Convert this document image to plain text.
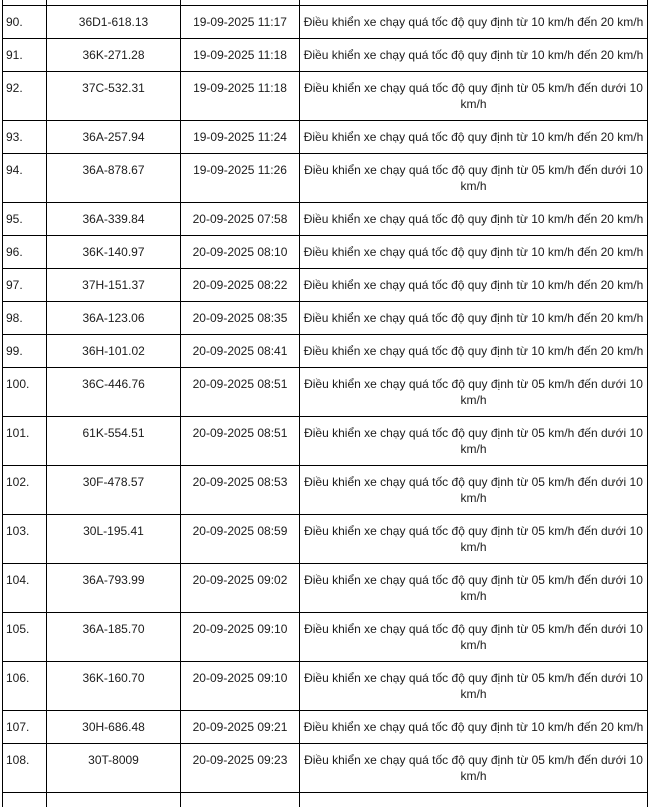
90.	36D1-618.13	19-09-2025 11:17	Điều khiển xe chạy quá tốc độ quy định từ 10 km/h đến 20 km/h
91.	36K-271.28	19-09-2025 11:18	Điều khiển xe chạy quá tốc độ quy định từ 10 km/h đến 20 km/h
92.	37C-532.31	19-09-2025 11:18	Điều khiển xe chạy quá tốc độ quy định từ 05 km/h đến dưới 10 km/h
93.	36A-257.94	19-09-2025 11:24	Điều khiển xe chạy quá tốc độ quy định từ 10 km/h đến 20 km/h
94.	36A-878.67	19-09-2025 11:26	Điều khiển xe chạy quá tốc độ quy định từ 05 km/h đến dưới 10 km/h
95.	36A-339.84	20-09-2025 07:58	Điều khiển xe chạy quá tốc độ quy định từ 10 km/h đến 20 km/h
96.	36K-140.97	20-09-2025 08:10	Điều khiển xe chạy quá tốc độ quy định từ 10 km/h đến 20 km/h
97.	37H-151.37	20-09-2025 08:22	Điều khiển xe chạy quá tốc độ quy định từ 10 km/h đến 20 km/h
98.	36A-123.06	20-09-2025 08:35	Điều khiển xe chạy quá tốc độ quy định từ 10 km/h đến 20 km/h
99.	36H-101.02	20-09-2025 08:41	Điều khiển xe chạy quá tốc độ quy định từ 10 km/h đến 20 km/h
100.	36C-446.76	20-09-2025 08:51	Điều khiển xe chạy quá tốc độ quy định từ 05 km/h đến dưới 10 km/h
101.	61K-554.51	20-09-2025 08:51	Điều khiển xe chạy quá tốc độ quy định từ 05 km/h đến dưới 10 km/h
102.	30F-478.57	20-09-2025 08:53	Điều khiển xe chạy quá tốc độ quy định từ 05 km/h đến dưới 10 km/h
103.	30L-195.41	20-09-2025 08:59	Điều khiển xe chạy quá tốc độ quy định từ 05 km/h đến dưới 10 km/h
104.	36A-793.99	20-09-2025 09:02	Điều khiển xe chạy quá tốc độ quy định từ 05 km/h đến dưới 10 km/h
105.	36A-185.70	20-09-2025 09:10	Điều khiển xe chạy quá tốc độ quy định từ 05 km/h đến dưới 10 km/h
106.	36K-160.70	20-09-2025 09:10	Điều khiển xe chạy quá tốc độ quy định từ 05 km/h đến dưới 10 km/h
107.	30H-686.48	20-09-2025 09:21	Điều khiển xe chạy quá tốc độ quy định từ 10 km/h đến 20 km/h
108.	30T-8009	20-09-2025 09:23	Điều khiển xe chạy quá tốc độ quy định từ 05 km/h đến dưới 10 km/h
